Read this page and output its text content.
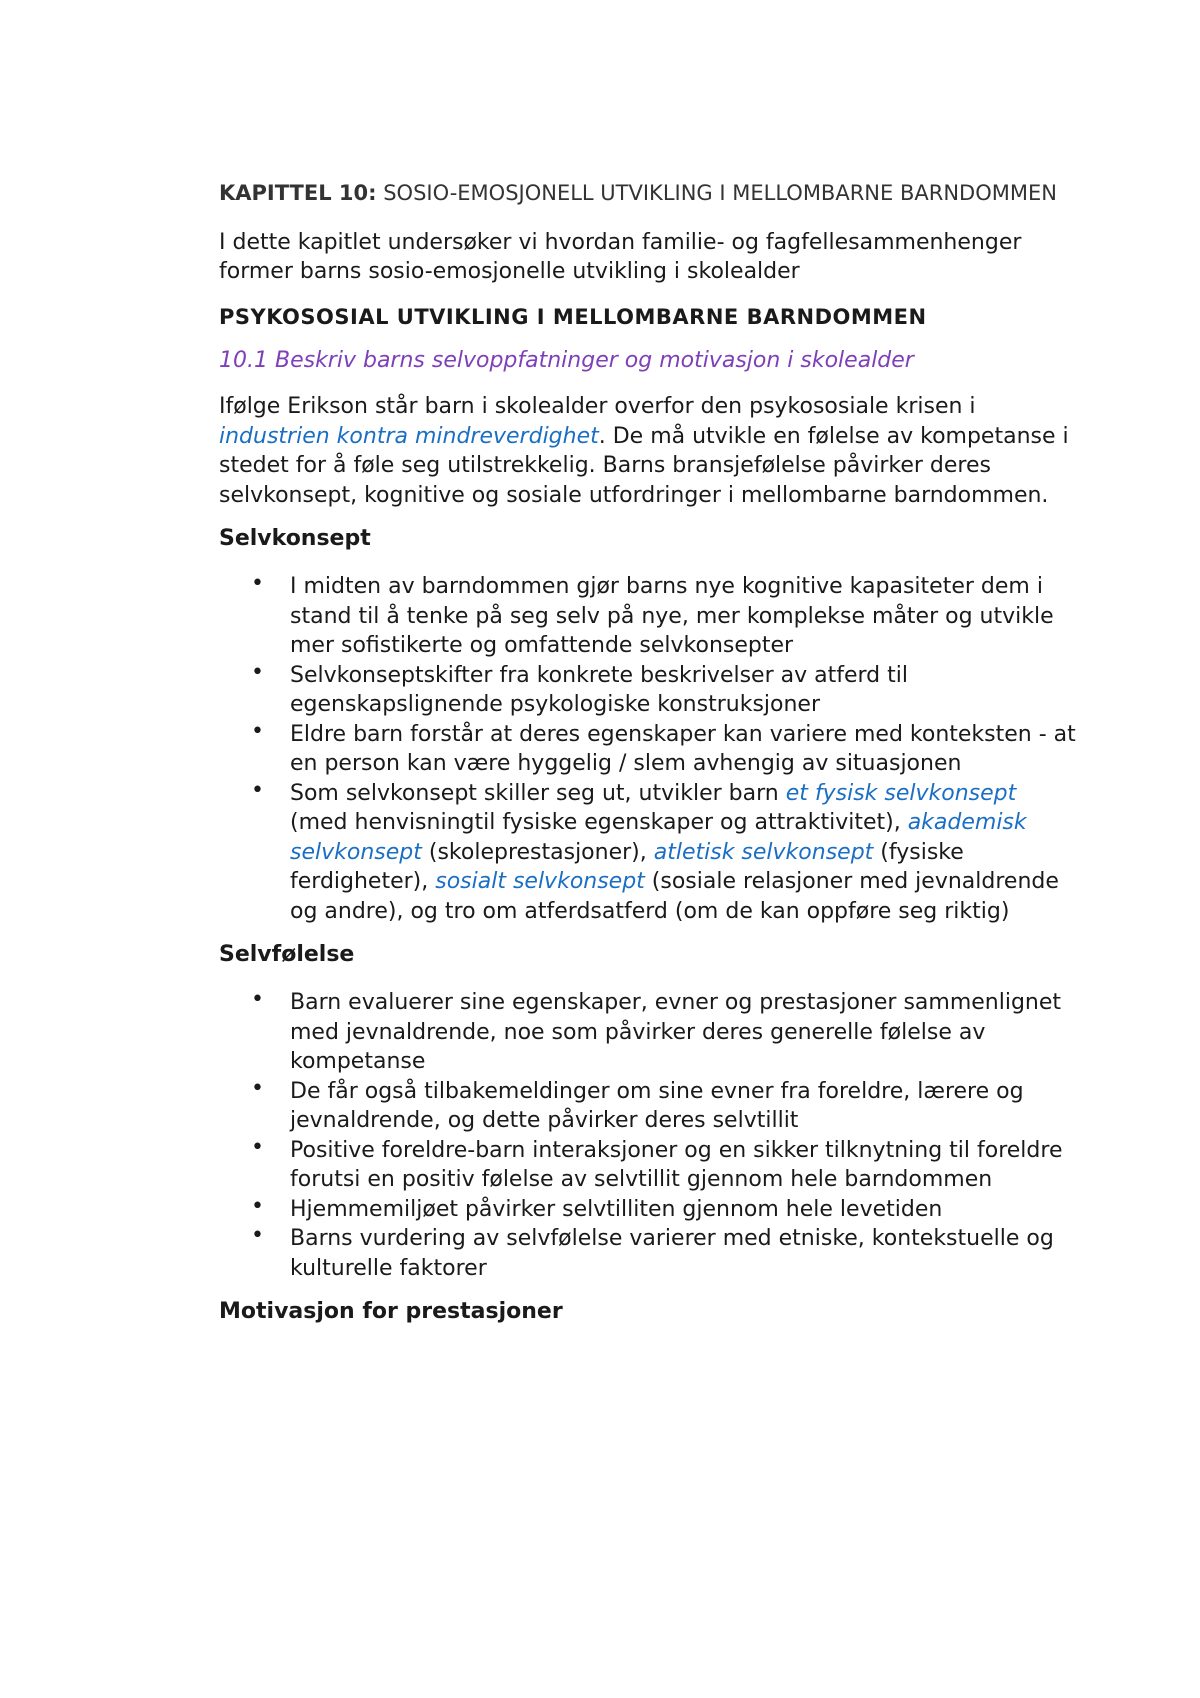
KAPITTEL 10: SOSIO-EMOSJONELL UTVIKLING I MELLOMBARNE BARNDOMMEN

I dette kapitlet undersøker vi hvordan familie- og fagfellesammenhenger former barns sosio-emosjonelle utvikling i skolealder

PSYKOSOSIAL UTVIKLING I MELLOMBARNE BARNDOMMEN
10.1 Beskriv barns selvoppfatninger og motivasjon i skolealder

Ifølge Erikson står barn i skolealder overfor den psykososiale krisen i industrien kontra mindreverdighet. De må utvikle en følelse av kompetanse i stedet for å føle seg utilstrekkelig. Barns bransjefølelse påvirker deres selvkonsept, kognitive og sosiale utfordringer i mellombarne barndommen.

Selvkonsept
• I midten av barndommen gjør barns nye kognitive kapasiteter dem i stand til å tenke på seg selv på nye, mer komplekse måter og utvikle mer sofistikerte og omfattende selvkonsepter
• Selvkonseptskifter fra konkrete beskrivelser av atferd til egenskapslignende psykologiske konstruksjoner
• Eldre barn forstår at deres egenskaper kan variere med konteksten - at en person kan være hyggelig / slem avhengig av situasjonen
• Som selvkonsept skiller seg ut, utvikler barn et fysisk selvkonsept (med henvisningtil fysiske egenskaper og attraktivitet), akademisk selvkonsept (skoleprestasjoner), atletisk selvkonsept (fysiske ferdigheter), sosialt selvkonsept (sosiale relasjoner med jevnaldrende og andre), og tro om atferdsatferd (om de kan oppføre seg riktig)
Selvfølelse
• Barn evaluerer sine egenskaper, evner og prestasjoner sammenlignet med jevnaldrende, noe som påvirker deres generelle følelse av kompetanse
• De får også tilbakemeldinger om sine evner fra foreldre, lærere og jevnaldrende, og dette påvirker deres selvtillit
• Positive foreldre-barn interaksjoner og en sikker tilknytning til foreldre forutsi en positiv følelse av selvtillit gjennom hele barndommen
• Hjemmemiljøet påvirker selvtilliten gjennom hele levetiden
• Barns vurdering av selvfølelse varierer med etniske, kontekstuelle og kulturelle faktorer
Motivasjon for prestasjoner
